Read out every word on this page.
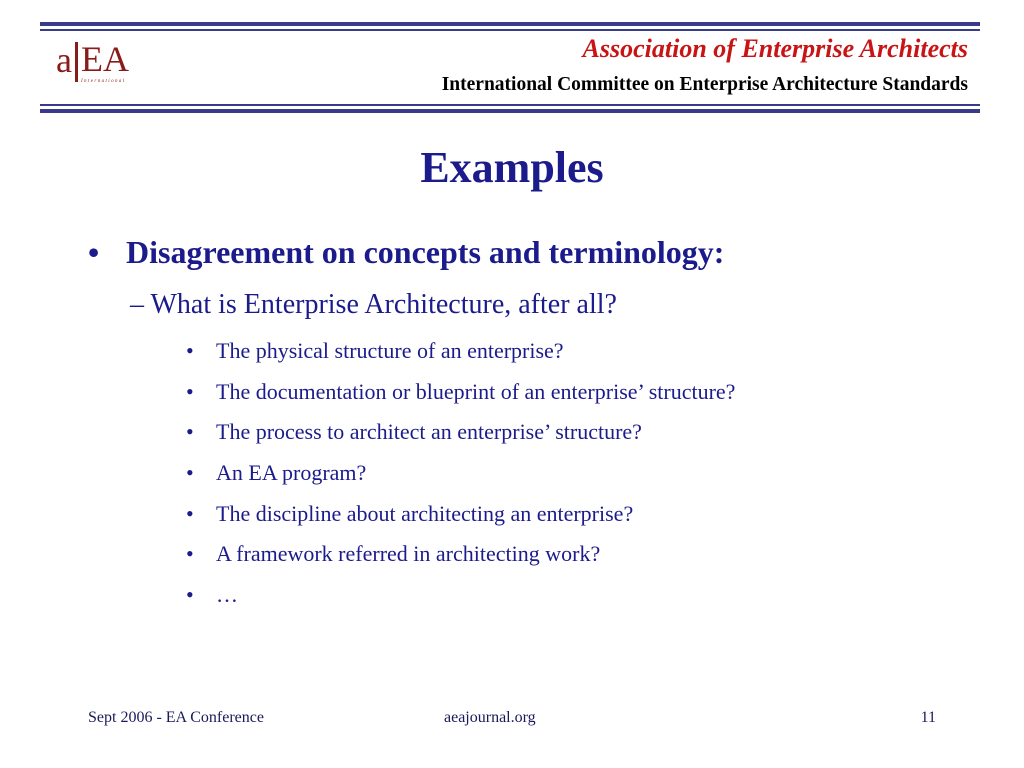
a EA
International
Association of Enterprise Architects
International Committee on Enterprise Architecture Standards
Examples
• Disagreement on concepts and terminology:
– What is Enterprise Architecture, after all?
•	The physical structure of an enterprise?
•	The documentation or blueprint of an enterprise’ structure?
•	The process to architect an enterprise’ structure?
•	An EA program?
•	The discipline about architecting an enterprise?
•	A framework referred in architecting work?
•	…
Sept 2006 - EA Conference	aeajournal.org	11
